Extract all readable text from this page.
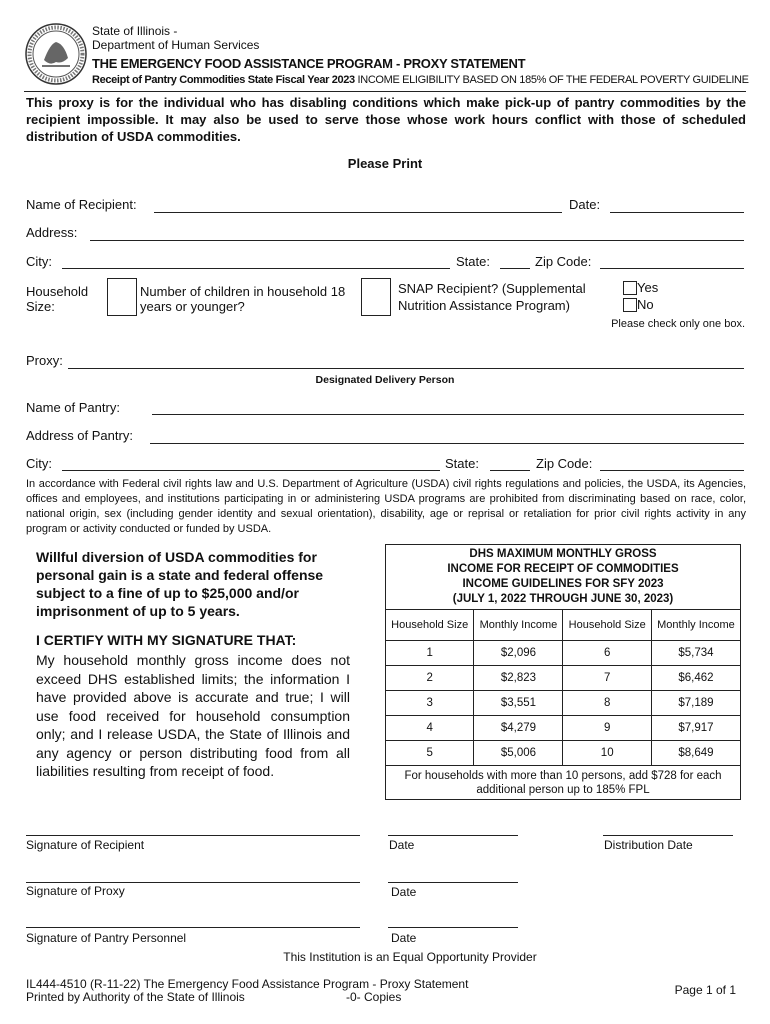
State of Illinois -
Department of Human Services
THE EMERGENCY FOOD ASSISTANCE PROGRAM - PROXY STATEMENT
Receipt of Pantry Commodities State Fiscal Year 2023 INCOME ELIGIBILITY BASED ON 185% OF THE FEDERAL POVERTY GUIDELINE
This proxy is for the individual who has disabling conditions which make pick-up of pantry commodities by the recipient impossible. It may also be used to serve those whose work hours conflict with those of scheduled distribution of USDA commodities.
Please Print
Name of Recipient:	Date:
Address:
City:	State:	Zip Code:
Household Size:
Number of children in household 18 years or younger?
SNAP Recipient? (Supplemental Nutrition Assistance Program)
Yes
No
Please check only one box.
Proxy:
Designated Delivery Person
Name of Pantry:
Address of Pantry:
City:	State:	Zip Code:
In accordance with Federal civil rights law and U.S. Department of Agriculture (USDA) civil rights regulations and policies, the USDA, its Agencies, offices and employees, and institutions participating in or administering USDA programs are prohibited from discriminating based on race, color, national origin, sex (including gender identity and sexual orientation), disability, age or reprisal or retaliation for prior civil rights activity in any program or activity conducted or funded by USDA.
Willful diversion of USDA commodities for personal gain is a state and federal offense subject to a fine of up to $25,000 and/or imprisonment of up to 5 years.
I CERTIFY WITH MY SIGNATURE THAT:
My household monthly gross income does not exceed DHS established limits; the information I have provided above is accurate and true; I will use food received for household consumption only; and I release USDA, the State of Illinois and any agency or person distributing food from all liabilities resulting from receipt of food.
DHS MAXIMUM MONTHLY GROSS
INCOME FOR RECEIPT OF COMMODITIES
INCOME GUIDELINES FOR SFY 2023
(JULY 1, 2022 THROUGH JUNE 30, 2023)
Household Size	Monthly Income	Household Size	Monthly Income
1	$2,096	6	$5,734
2	$2,823	7	$6,462
3	$3,551	8	$7,189
4	$4,279	9	$7,917
5	$5,006	10	$8,649
For households with more than 10 persons, add $728 for each additional person up to 185% FPL
Signature of Recipient	Date	Distribution Date
Signature of Proxy	Date
Signature of Pantry Personnel	Date
This Institution is an Equal Opportunity Provider
IL444-4510 (R-11-22) The Emergency Food Assistance Program - Proxy Statement
Printed by Authority of the State of Illinois	-0- Copies	Page 1 of 1
